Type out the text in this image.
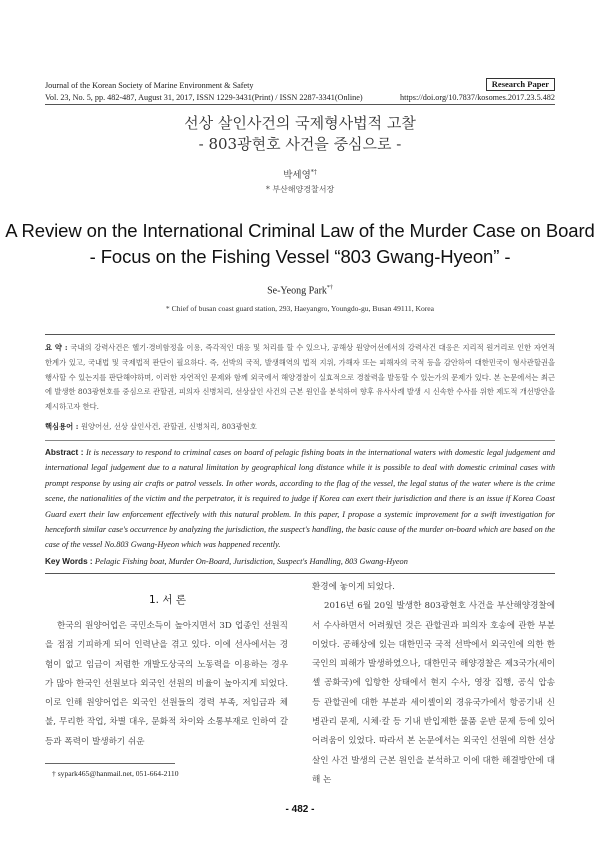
Journal of the Korean Society of Marine Environment & Safety	Research Paper
Vol. 23, No. 5, pp. 482-487, August 31, 2017, ISSN 1229-3431(Print) / ISSN 2287-3341(Online)	https://doi.org/10.7837/kosomes.2017.23.5.482
선상 살인사건의 국제형사법적 고찰
- 803광현호 사건을 중심으로 -
박세영*†
* 부산해양경찰서장
A Review on the International Criminal Law of the Murder Case on Board
- Focus on the Fishing Vessel “803 Gwang-Hyeon” -
Se-Yeong Park*†
* Chief of busan coast guard station, 293, Haeyangro, Youngdo-gu, Busan 49111, Korea
요 약 : 국내의 강력사건은 헬기·경비함정을 이용, 즉각적인 대응 및 처리를 할 수 있으나, 공해상 원양어선에서의 강력사건 대응은 지리적 원거리로 인한 자연적 한계가 있고, 국내법 및 국제법적 판단이 필요하다. 즉, 선박의 국적, 발생해역의 법적 지위, 가해자 또는 피해자의 국적 등을 감안하여 대한민국이 형사관할권을 행사할 수 있는지를 판단해야하며, 이러한 자연적인 문제와 함께 외국에서 해양경찰이 실효적으로 경찰력을 발동할 수 있는가의 문제가 있다. 본 논문에서는 최근에 발생한 803광현호를 중심으로 관할권, 피의자 신병처리, 선상살인 사건의 근본 원인을 분석하여 향후 유사사례 발생 시 신속한 수사를 위한 제도적 개선방안을 제시하고자 한다.
핵심용어 : 원양어선, 선상 살인사건, 관할권, 신병처리, 803광현호
Abstract : It is necessary to respond to criminal cases on board of pelagic fishing boats in the international waters with domestic legal judgement and international legal judgement due to a natural limitation by geographical long distance while it is possible to deal with domestic criminal cases with prompt response by using air crafts or patrol vessels. In other words, according to the flag of the vessel, the legal status of the water where is the crime scene, the nationalities of the victim and the perpetrator, it is required to judge if Korea can exert their jurisdiction and there is an issue if Korea Coast Guard exert their law enforcement effectively with this natural problem. In this paper, I propose a systemic improvement for a swift investigation for henceforth similar case's occurrence by analyzing the jurisdiction, the suspect's handling, the basic cause of the murder on-board which are based on the case of the vessel No.803 Gwang-Hyeon which was happened recently.
Key Words : Pelagic Fishing boat, Murder On-Board, Jurisdiction, Suspect's Handling, 803 Gwang-Hyeon
1. 서 론
한국의 원양어업은 국민소득이 높아지면서 3D 업종인 선원직을 점점 기피하게 되어 인력난을 겪고 있다. 이에 선사에서는 경험이 없고 임금이 저렴한 개발도상국의 노동력을 이용하는 경우가 많아 한국인 선원보다 외국인 선원의 비율이 높아지게 되었다. 이로 인해 원양어업은 외국인 선원들의 경력 부족, 저임금과 체불, 무리한 작업, 차별 대우, 문화적 차이와 소통부재로 인하여 갈등과 폭력이 발생하기 쉬운
환경에 놓이게 되었다.
2016년 6월 20일 발생한 803광현호 사건을 부산해양경찰에서 수사하면서 어려웠던 것은 관할권과 피의자 호송에 관한 부분 이었다. 공해상에 있는 대한민국 국적 선박에서 외국인에 의한 한국인의 피해가 발생하였으나, 대한민국 해양경찰은 제3국가(세이셸 공화국)에 입항한 상태에서 현지 수사, 영장 집행, 공식 압송 등 관할권에 대한 부분과 세이셸이외 경유국가에서 항공기내 신병관리 문제, 시체·칼 등 기내 반입제한 물품 운반 문제 등에 있어 어려움이 있었다. 따라서 본 논문에서는 외국인 선원에 의한 선상살인 사건 발생의 근본 원인을 분석하고 이에 대한 해결방안에 대해 논
† sypark465@hanmail.net, 051-664-2110
- 482 -
